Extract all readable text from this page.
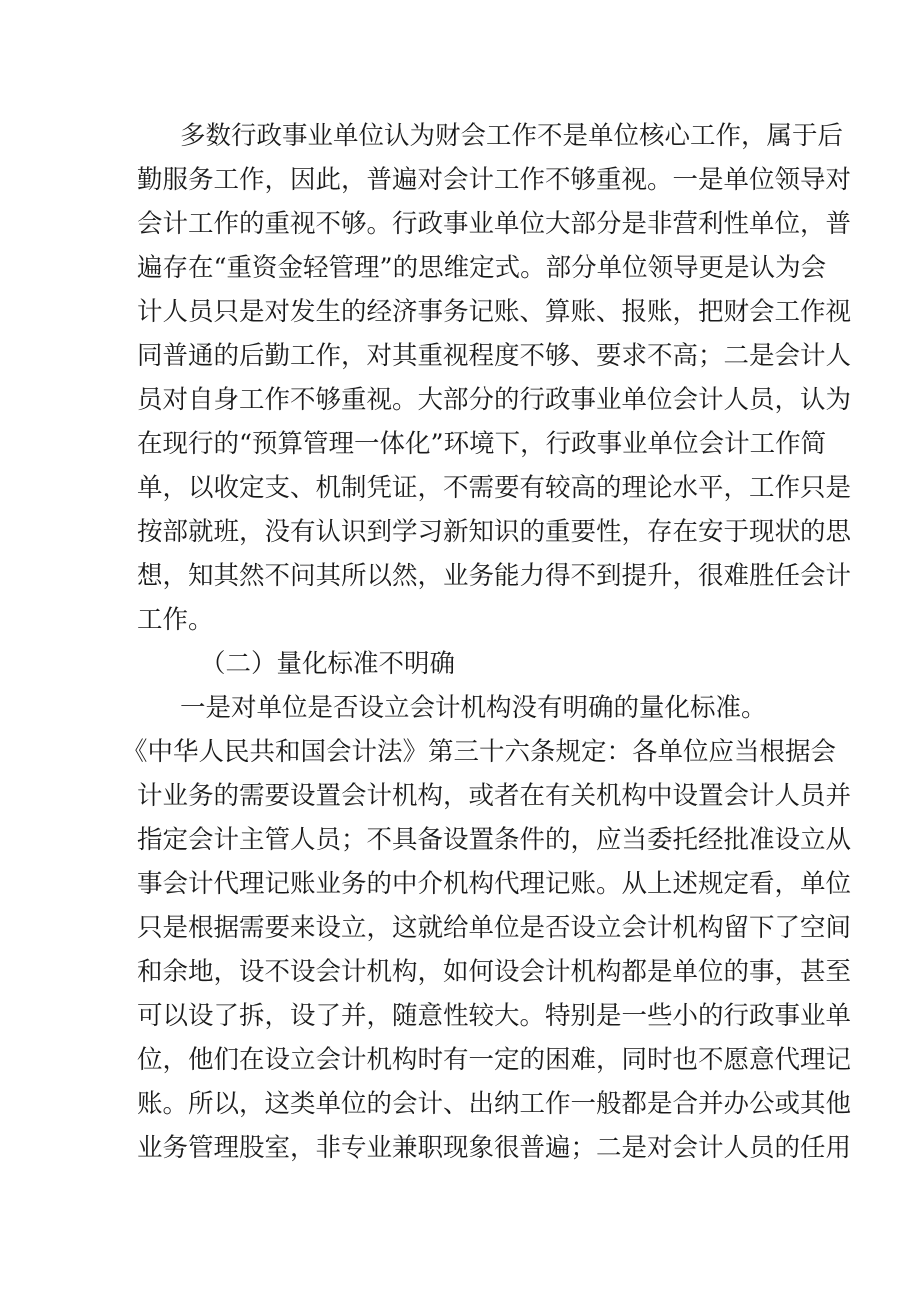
多数行政事业单位认为财会工作不是单位核心工作，属于后
勤服务工作，因此，普遍对会计工作不够重视。一是单位领导对
会计工作的重视不够。行政事业单位大部分是非营利性单位，普
遍存在“重资金轻管理”的思维定式。部分单位领导更是认为会
计人员只是对发生的经济事务记账、算账、报账，把财会工作视
同普通的后勤工作，对其重视程度不够、要求不高；二是会计人
员对自身工作不够重视。大部分的行政事业单位会计人员，认为
在现行的“预算管理一体化”环境下，行政事业单位会计工作简
单，以收定支、机制凭证，不需要有较高的理论水平，工作只是
按部就班，没有认识到学习新知识的重要性，存在安于现状的思
想，知其然不问其所以然，业务能力得不到提升，很难胜任会计
工作。
（二）量化标准不明确
一是对单位是否设立会计机构没有明确的量化标准。
《中华人民共和国会计法》第三十六条规定：各单位应当根据会
计业务的需要设置会计机构，或者在有关机构中设置会计人员并
指定会计主管人员；不具备设置条件的，应当委托经批准设立从
事会计代理记账业务的中介机构代理记账。从上述规定看，单位
只是根据需要来设立，这就给单位是否设立会计机构留下了空间
和余地，设不设会计机构，如何设会计机构都是单位的事，甚至
可以设了拆，设了并，随意性较大。特别是一些小的行政事业单
位，他们在设立会计机构时有一定的困难，同时也不愿意代理记
账。所以，这类单位的会计、出纳工作一般都是合并办公或其他
业务管理股室，非专业兼职现象很普遍；二是对会计人员的任用
